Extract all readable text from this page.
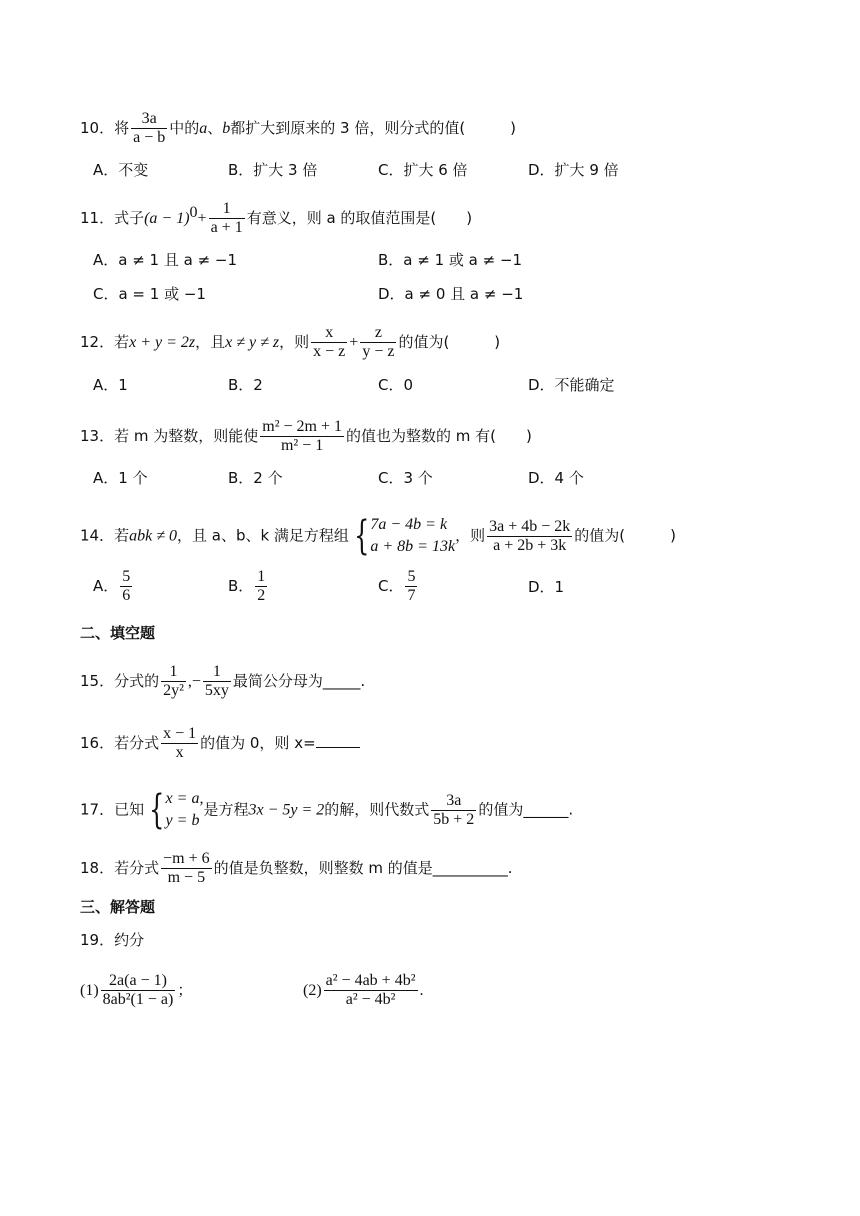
10．将 $\frac{3a}{a - b}$ 中的a、b都扩大到原来的 3 倍，则分式的值(　　　)
A．不变	B．扩大 3 倍	C．扩大 6 倍	D．扩大 9 倍
11．式子$(a - 1)^0+ \frac{1}{a + 1}$ 有意义，则 a 的取值范围是(　　)
A．a ≠ 1 且 a ≠ −1	B．a ≠ 1 或 a ≠ −1
C．a = 1 或 −1	D．a ≠ 0 且 a ≠ −1
12．若x + y = 2z，且x ≠ y ≠ z，则 $\frac{x}{x - z} + \frac{z}{y - z}$ 的值为(　　　)
A．1	B．2	C．0	D．不能确定
13．若 m 为整数，则能使 $\frac{\text{m² − 2m + 1}}{\text{m² − 1}}$ 的值也为整数的 m 有(　　)
A．1 个	B．2 个	C．3 个	D．4 个
14．若abk ≠ 0，且 a、b、k 满足方程组 {7a − 4b = k
a + 8b = 13k，则 $\frac{3a + 4b - 2k}{a + 2b + 3k}$ 的值为(　　　)
A． $\frac{5}{6}$	B． $\frac{1}{2}$	C． $\frac{5}{7}$	D．1
二、填空题
15．分式的 $\frac{1}{\text{2y²}}$ ,− $\frac{1}{5xy}$ 最简公分母为_____.
16．若分式 $\frac{x - 1}{x}$ 的值为 0，则 x=
17．已知 {x = a,
y = b是方程3x − 5y = 2的解，则代数式 $\frac{3a}{5b + 2}$ 的值为______.
18．若分式 $\frac{-m + 6}{m - 5}$ 的值是负整数，则整数 m 的值是__________.
三、解答题
19．约分
$(1) \frac{2a(a - 1)}{\text{8ab²(1 − a)}}$ ；	$(2) \frac{\text{a² − 4ab + 4b²}}{\text{a² − 4b²}}$ .
